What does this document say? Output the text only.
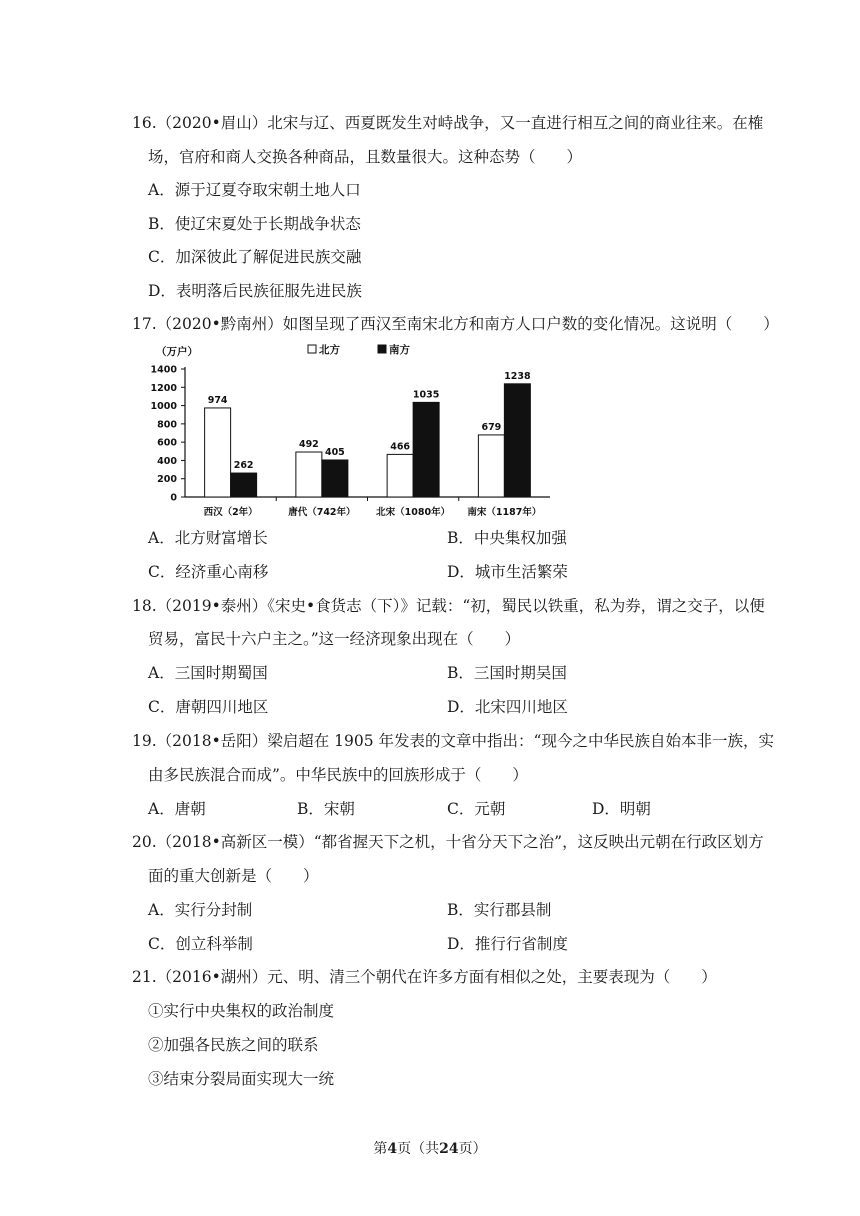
16.（2020•眉山）北宋与辽、西夏既发生对峙战争，又一直进行相互之间的商业往来。在榷
场，官府和商人交换各种商品，且数量很大。这种态势（　　）
A．源于辽夏夺取宋朝土地人口
B．使辽宋夏处于长期战争状态
C．加深彼此了解促进民族交融
D．表明落后民族征服先进民族
17.（2020•黔南州）如图呈现了西汉至南宋北方和南方人口户数的变化情况。这说明（　　）
（万户）	北方	南方
0
200
400
600
800
1000
1200
1400
974
262
西汉（2年）
492
405
唐代（742年）
466
1035
北宋（1080年）
679
1238
南宋（1187年）
A．北方财富增长	B．中央集权加强
C．经济重心南移	D．城市生活繁荣
18.（2019•泰州）《宋史•食货志（下）》记载：“初，蜀民以铁重，私为券，谓之交子，以便
贸易，富民十六户主之。”这一经济现象出现在（　　）
A．三国时期蜀国	B．三国时期吴国
C．唐朝四川地区	D．北宋四川地区
19.（2018•岳阳）梁启超在 1905 年发表的文章中指出：“现今之中华民族自始本非一族，实
由多民族混合而成”。中华民族中的回族形成于（　　）
A．唐朝	B．宋朝	C．元朝	D．明朝
20.（2018•高新区一模）“都省握天下之机，十省分天下之治”，这反映出元朝在行政区划方
面的重大创新是（　　）
A．实行分封制	B．实行郡县制
C．创立科举制	D．推行行省制度
21.（2016•湖州）元、明、清三个朝代在许多方面有相似之处，主要表现为（　　）
①实行中央集权的政治制度
②加强各民族之间的联系
③结束分裂局面实现大一统
第4页（共24页）
